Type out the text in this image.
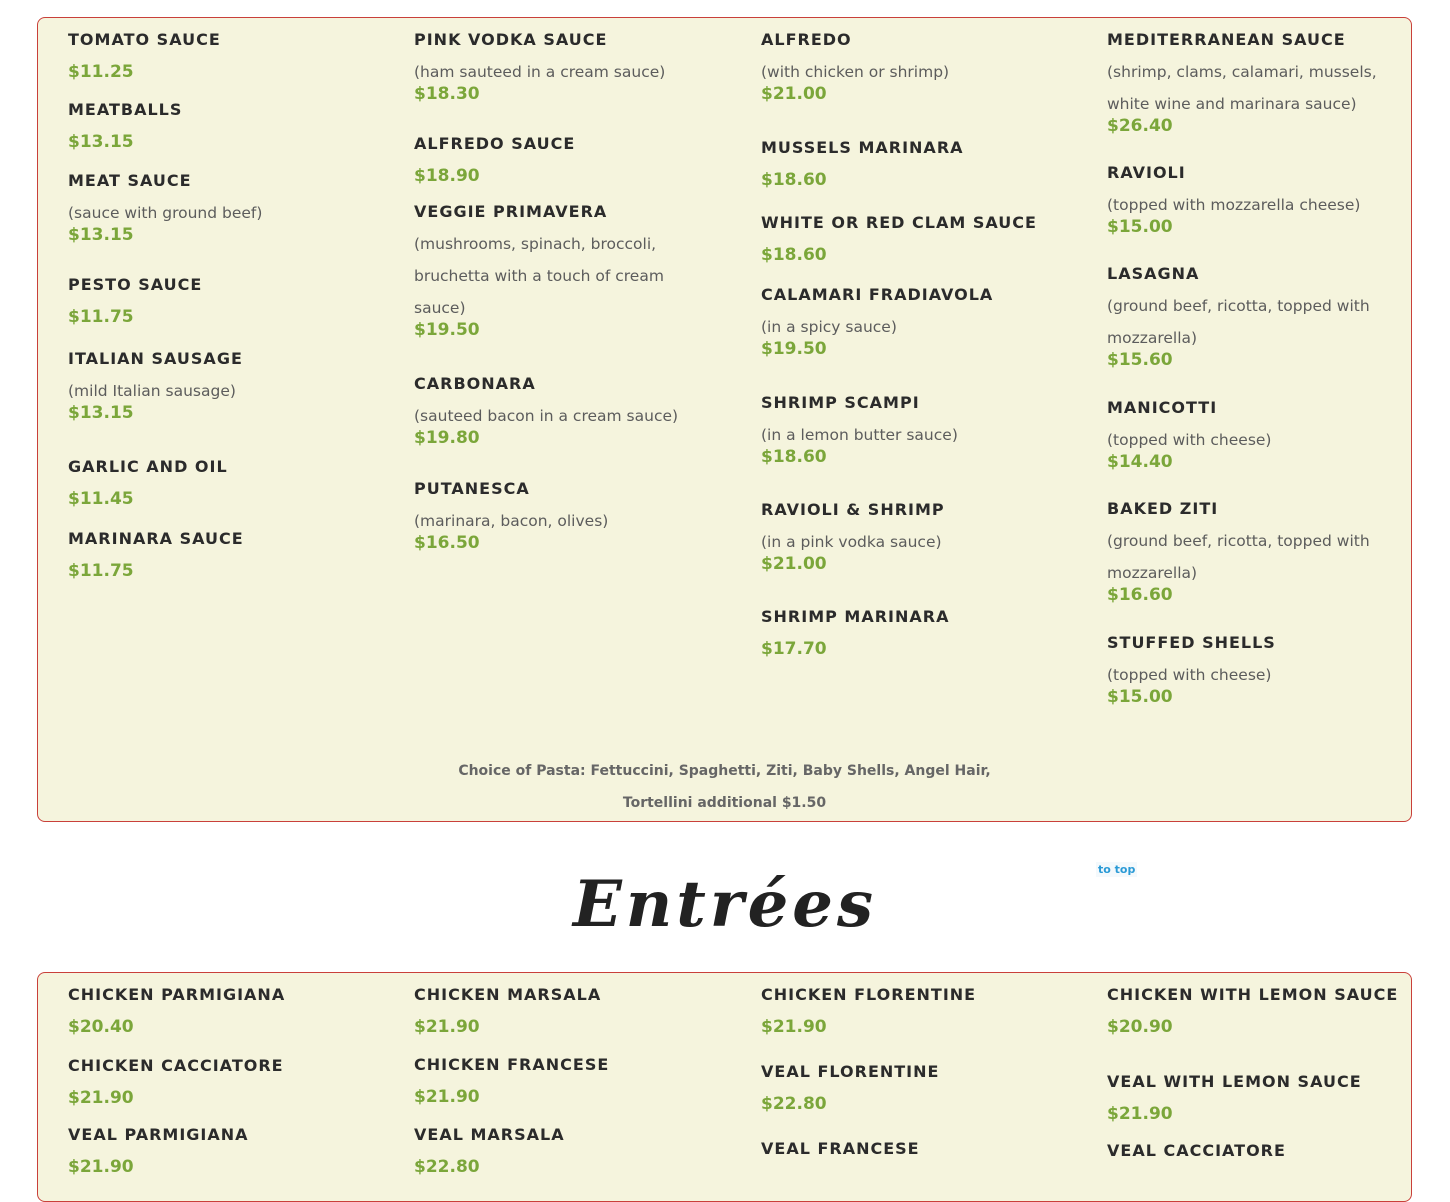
Choice of Pasta: Fettuccini, Spaghetti, Ziti, Baby Shells, Angel Hair,
Tortellini additional $1.50
TOMATO SAUCE
$11.25
MEATBALLS
$13.15
MEAT SAUCE
(sauce with ground beef)
$13.15
PESTO SAUCE
$11.75
ITALIAN SAUSAGE
(mild Italian sausage)
$13.15
GARLIC AND OIL
$11.45
MARINARA SAUCE
$11.75
PINK VODKA SAUCE
(ham sauteed in a cream sauce)
$18.30
ALFREDO SAUCE
$18.90
VEGGIE PRIMAVERA
(mushrooms, spinach, broccoli, bruchetta with a touch of cream sauce)
$19.50
CARBONARA
(sauteed bacon in a cream sauce)
$19.80
PUTANESCA
(marinara, bacon, olives)
$16.50
ALFREDO
(with chicken or shrimp)
$21.00
MUSSELS MARINARA
$18.60
WHITE OR RED CLAM SAUCE
$18.60
CALAMARI FRADIAVOLA
(in a spicy sauce)
$19.50
SHRIMP SCAMPI
(in a lemon butter sauce)
$18.60
RAVIOLI & SHRIMP
(in a pink vodka sauce)
$21.00
SHRIMP MARINARA
$17.70
MEDITERRANEAN SAUCE
(shrimp, clams, calamari, mussels, white wine and marinara sauce)
$26.40
RAVIOLI
(topped with mozzarella cheese)
$15.00
LASAGNA
(ground beef, ricotta, topped with mozzarella)
$15.60
MANICOTTI
(topped with cheese)
$14.40
BAKED ZITI
(ground beef, ricotta, topped with mozzarella)
$16.60
STUFFED SHELLS
(topped with cheese)
$15.00
Entrées	to top
CHICKEN PARMIGIANA
$20.40
CHICKEN CACCIATORE
$21.90
VEAL PARMIGIANA
$21.90
CHICKEN MARSALA
$21.90
CHICKEN FRANCESE
$21.90
VEAL MARSALA
$22.80
CHICKEN FLORENTINE
$21.90
VEAL FLORENTINE
$22.80
VEAL FRANCESE
CHICKEN WITH LEMON SAUCE
$20.90
VEAL WITH LEMON SAUCE
$21.90
VEAL CACCIATORE
